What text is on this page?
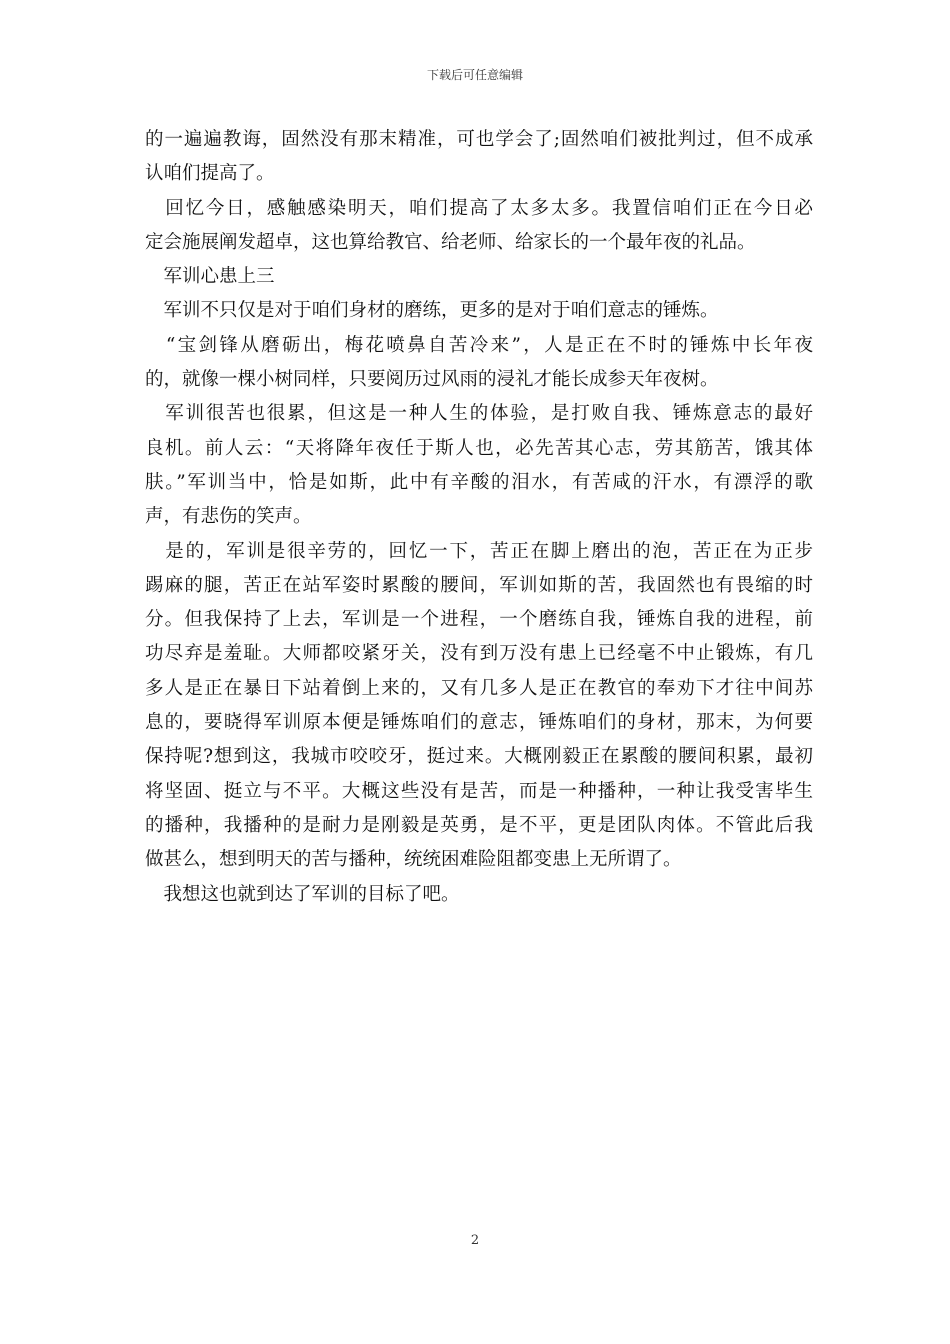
下载后可任意编辑

的一遍遍教诲，固然没有那末精准，可也学会了;固然咱们被批判过，但不成承
认咱们提高了。

　回忆今日，感触感染明天，咱们提高了太多太多。我置信咱们正在今日必
定会施展阐发超卓，这也算给教官、给老师、给家长的一个最年夜的礼品。

　军训心患上三

　军训不只仅是对于咱们身材的磨练，更多的是对于咱们意志的锤炼。

　“宝剑锋从磨砺出，梅花喷鼻自苦冷来”，人是正在不时的锤炼中长年夜
的，就像一棵小树同样，只要阅历过风雨的浸礼才能长成参天年夜树。

　军训很苦也很累，但这是一种人生的体验，是打败自我、锤炼意志的最好
良机。前人云：“天将降年夜任于斯人也，必先苦其心志，劳其筋苦，饿其体
肤。”军训当中，恰是如斯，此中有辛酸的泪水，有苦咸的汗水，有漂浮的歌
声，有悲伤的笑声。

　是的，军训是很辛劳的，回忆一下，苦正在脚上磨出的泡，苦正在为正步
踢麻的腿，苦正在站军姿时累酸的腰间，军训如斯的苦，我固然也有畏缩的时
分。但我保持了上去，军训是一个进程，一个磨练自我，锤炼自我的进程，前
功尽弃是羞耻。大师都咬紧牙关，没有到万没有患上已经毫不中止锻炼，有几
多人是正在暴日下站着倒上来的，又有几多人是正在教官的奉劝下才往中间苏
息的，要晓得军训原本便是锤炼咱们的意志，锤炼咱们的身材，那末，为何要
保持呢?想到这，我城市咬咬牙，挺过来。大概刚毅正在累酸的腰间积累，最初
将坚固、挺立与不平。大概这些没有是苦，而是一种播种，一种让我受害毕生
的播种，我播种的是耐力是刚毅是英勇，是不平，更是团队肉体。不管此后我
做甚么，想到明天的苦与播种，统统困难险阻都变患上无所谓了。

　我想这也就到达了军训的目标了吧。

2
